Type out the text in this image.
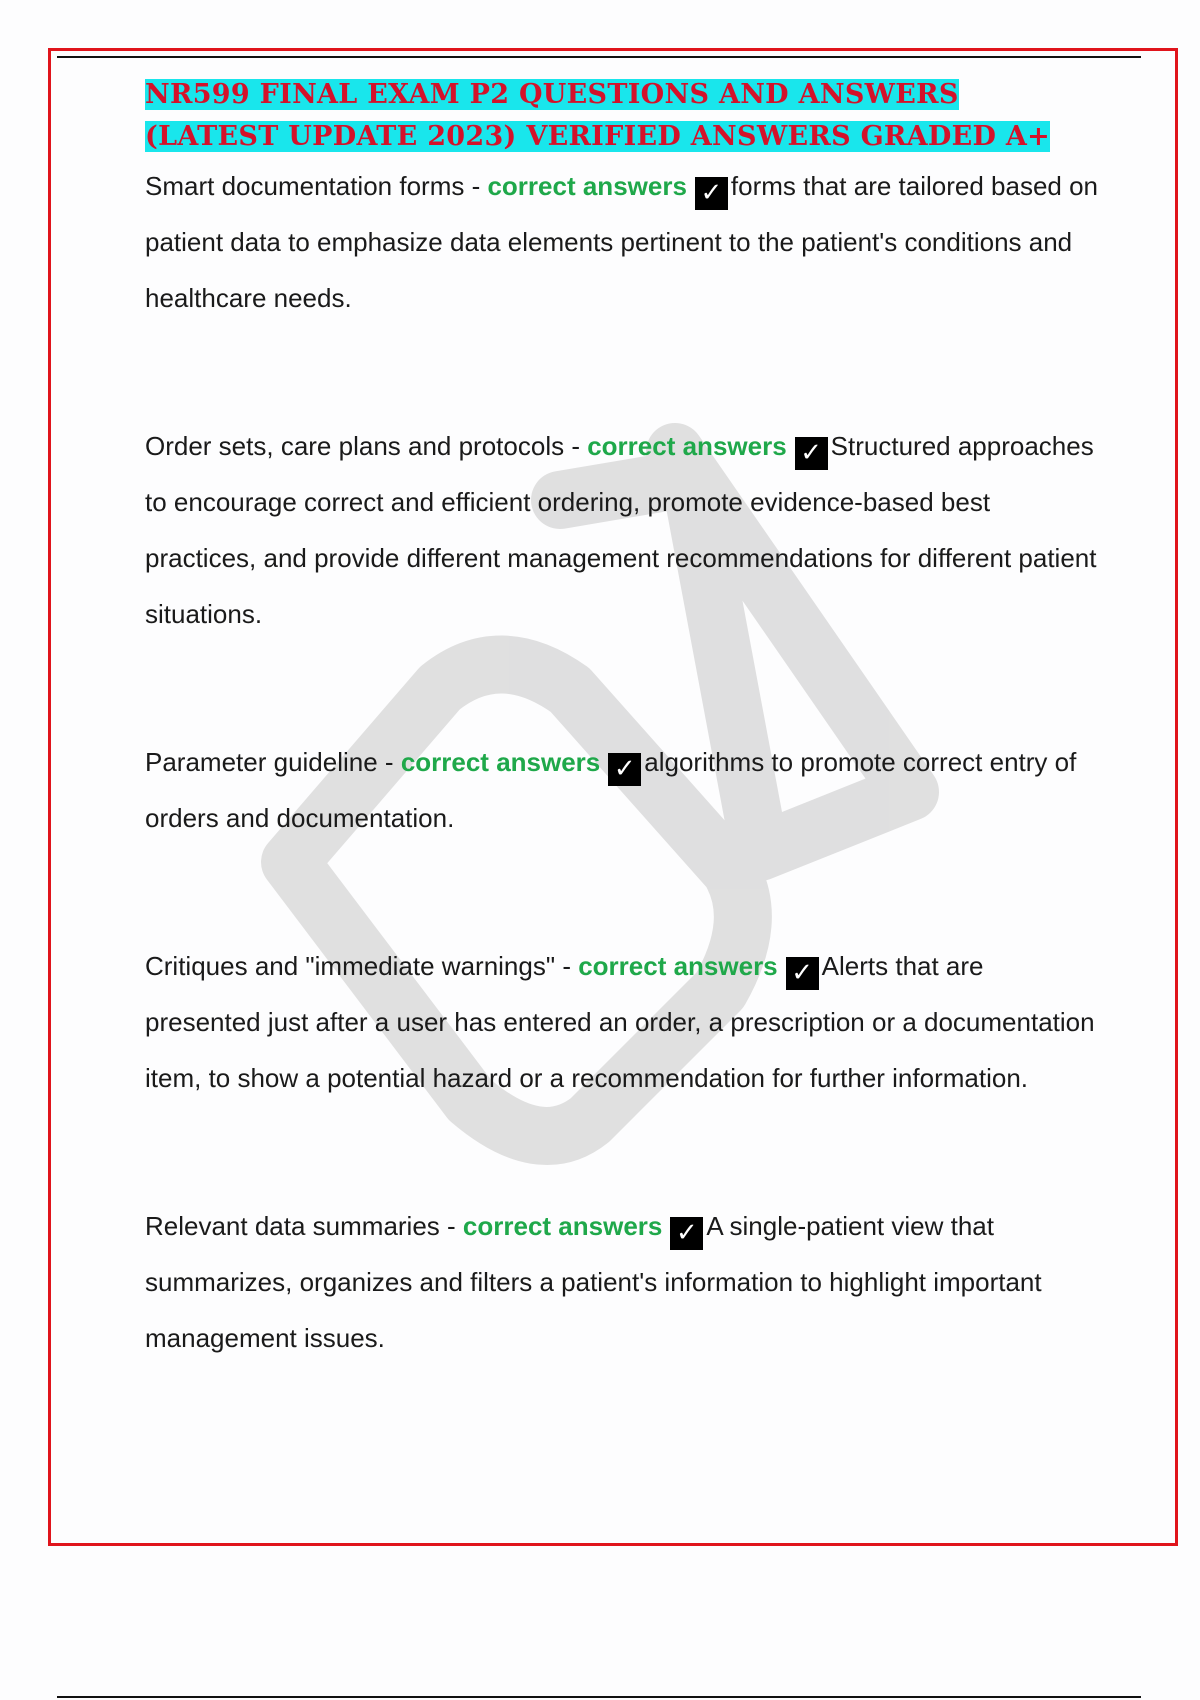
NR599 FINAL EXAM P2 QUESTIONS AND ANSWERS (LATEST UPDATE 2023) VERIFIED ANSWERS GRADED A+

Smart documentation forms - correct answers ✓ forms that are tailored based on patient data to emphasize data elements pertinent to the patient's conditions and healthcare needs.

Order sets, care plans and protocols - correct answers ✓ Structured approaches to encourage correct and efficient ordering, promote evidence-based best practices, and provide different management recommendations for different patient situations.

Parameter guideline - correct answers ✓ algorithms to promote correct entry of orders and documentation.

Critiques and "immediate warnings" - correct answers ✓ Alerts that are presented just after a user has entered an order, a prescription or a documentation item, to show a potential hazard or a recommendation for further information.

Relevant data summaries - correct answers ✓ A single-patient view that summarizes, organizes and filters a patient's information to highlight important management issues.
